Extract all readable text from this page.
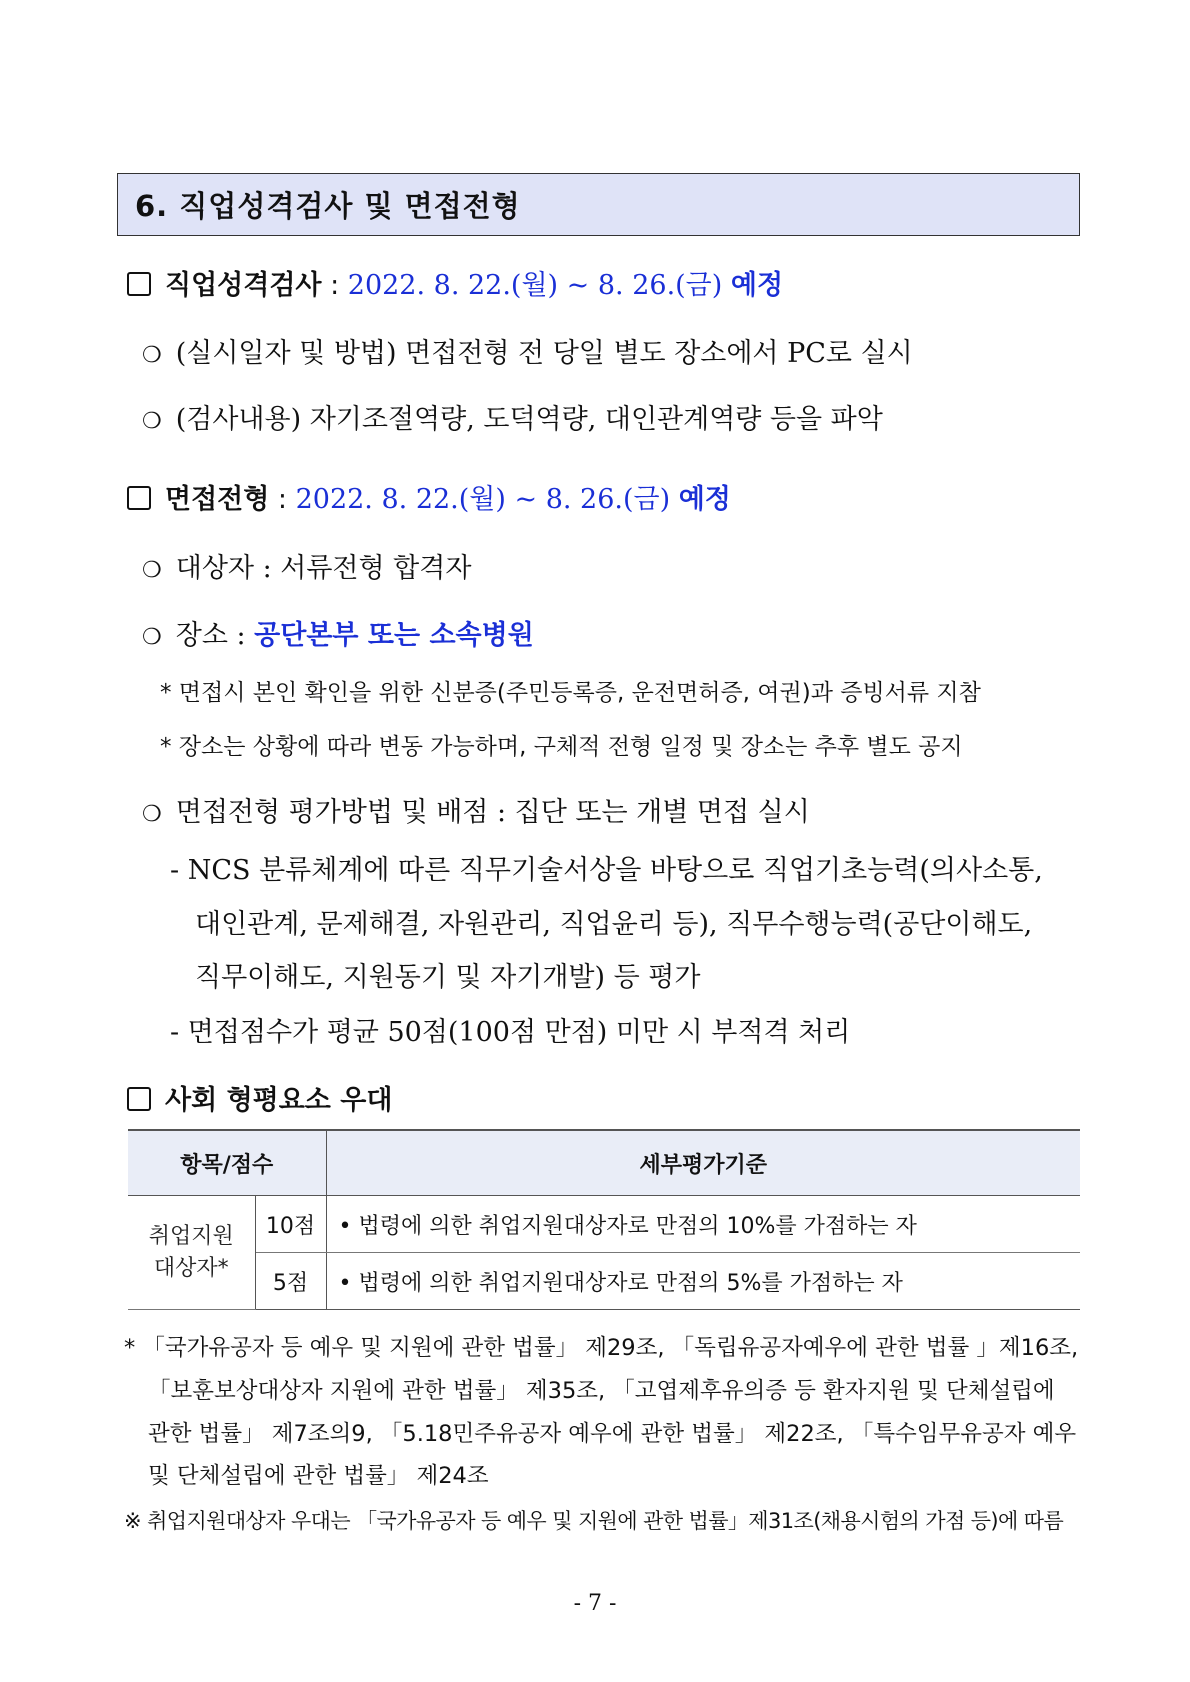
6. 직업성격검사 및 면접전형
직업성격검사 : 2022. 8. 22.(월) ~ 8. 26.(금) 예정
❍ (실시일자 및 방법) 면접전형 전 당일 별도 장소에서 PC로 실시
❍ (검사내용) 자기조절역량, 도덕역량, 대인관계역량 등을 파악
면접전형 : 2022. 8. 22.(월) ~ 8. 26.(금) 예정
❍ 대상자 : 서류전형 합격자
❍ 장소 : 공단본부 또는 소속병원
* 면접시 본인 확인을 위한 신분증(주민등록증, 운전면허증, 여권)과 증빙서류 지참
* 장소는 상황에 따라 변동 가능하며, 구체적 전형 일정 및 장소는 추후 별도 공지
❍ 면접전형 평가방법 및 배점 : 집단 또는 개별 면접 실시
- NCS 분류체계에 따른 직무기술서상을 바탕으로 직업기초능력(의사소통,
대인관계, 문제해결, 자원관리, 직업윤리 등), 직무수행능력(공단이해도,
직무이해도, 지원동기 및 자기개발) 등 평가
- 면접점수가 평균 50점(100점 만점) 미만 시 부적격 처리
사회 형평요소 우대
항목/점수		세부평가기준
취업지원
대상자*	10점	• 법령에 의한 취업지원대상자로 만점의 10%를 가점하는 자
	5점	• 법령에 의한 취업지원대상자로 만점의 5%를 가점하는 자
* 「국가유공자 등 예우 및 지원에 관한 법률」 제29조, 「독립유공자예우에 관한 법률 」제16조,
「보훈보상대상자 지원에 관한 법률」 제35조, 「고엽제후유의증 등 환자지원 및 단체설립에
관한 법률」 제7조의9, 「5.18민주유공자 예우에 관한 법률」 제22조, 「특수임무유공자 예우
및 단체설립에 관한 법률」 제24조
※ 취업지원대상자 우대는 「국가유공자 등 예우 및 지원에 관한 법률」제31조(채용시험의 가점 등)에 따름
- 7 -
